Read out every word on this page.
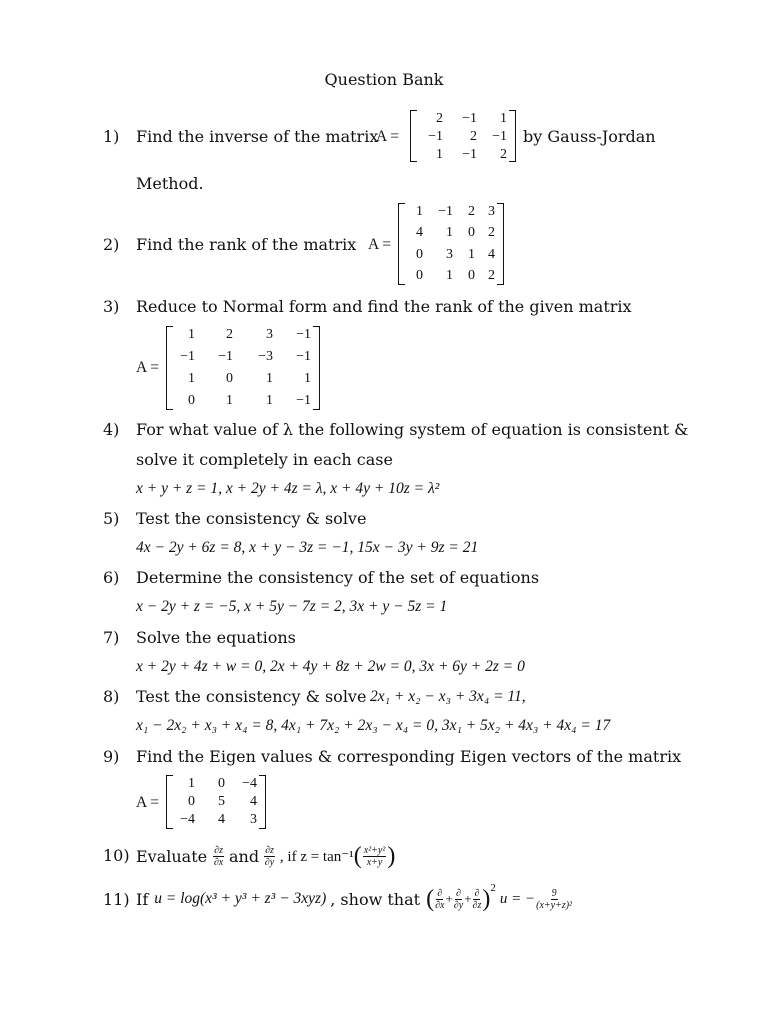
Question Bank
1) Find the inverse of the matrix
A =
2	−1	1
−1	2	−1
1	−1	2
by Gauss-Jordan
Method.
2) Find the rank of the matrix A =
1	−1	2 3
4	1	0 2
0	3	1 4
0	1	0 2
3) Reduce to Normal form and find the rank of the given matrix
A =
1	2	3	−1
−1	−1	−3	−1
1	0	1	1
0	1	1	−1
4) For what value of λ the following system of equation is consistent &
solve it completely in each case
x + y + z = 1, x + 2y + 4z = λ, x + 4y + 10z = λ²
5) Test the consistency & solve
4x − 2y + 6z = 8, x + y − 3z = −1, 15x − 3y + 9z = 21
6) Determine the consistency of the set of equations
x − 2y + z = −5, x + 5y − 7z = 2, 3x + y − 5z = 1
7) Solve the equations
x + 2y + 4z + w = 0, 2x + 4y + 8z + 2w = 0, 3x + 6y + 2z = 0
8) Test the consistency & solve 2x₁ + x₂ − x₃ + 3x₄ = 11,
x₁ − 2x₂ + x₃ + x₄ = 8, 4x₁ + 7x₂ + 2x₃ − x₄ = 0, 3x₁ + 5x₂ + 4x₃ + 4x₄ = 17
9) Find the Eigen values & corresponding Eigen vectors of the matrix
A =
1	0	−4
0	5	4
−4	4	3
10) Evaluate $\frac{\partial z}{\partial x}$ and $\frac{\partial z}{\partial y}$ , if z = tan⁻¹ ( $\frac{\text{x²+y²}}{x+y}$ )
11) If u = log(x³ + y³ + z³ − 3xyz) , show that ( $\frac{\partial}{\partial x} + \frac{\partial}{\partial y} + \frac{\partial}{\partial z} )^2$
u = − $\frac{9}{\text{(x+y+z)²}}$
